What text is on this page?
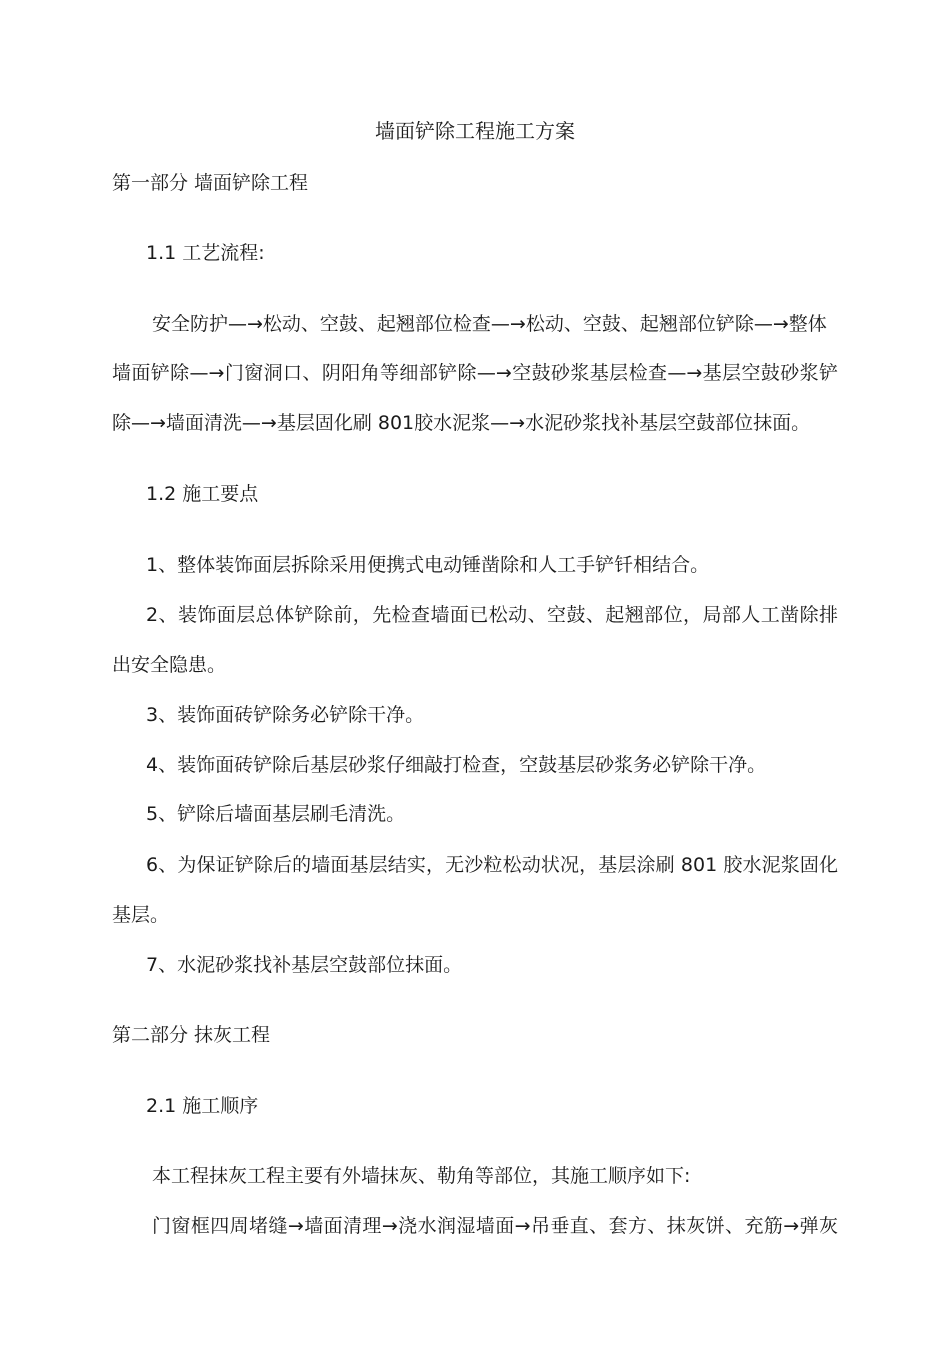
墙面铲除工程施工方案
第一部分 墙面铲除工程
1.1 工艺流程:
安全防护—→松动、空鼓、起翘部位检查—→松动、空鼓、起翘部位铲除—→整体
墙面铲除—→门窗洞口、阴阳角等细部铲除—→空鼓砂浆基层检查—→基层空鼓砂浆铲
除—→墙面清洗—→基层固化刷 801胶水泥浆—→水泥砂浆找补基层空鼓部位抹面。
1.2 施工要点
1、整体装饰面层拆除采用便携式电动锤凿除和人工手铲钎相结合。
2、装饰面层总体铲除前，先检查墙面已松动、空鼓、起翘部位，局部人工凿除排
出安全隐患。
3、装饰面砖铲除务必铲除干净。
4、装饰面砖铲除后基层砂浆仔细敲打检查，空鼓基层砂浆务必铲除干净。
5、铲除后墙面基层刷毛清洗。
6、为保证铲除后的墙面基层结实，无沙粒松动状况，基层涂刷 801 胶水泥浆固化
基层。
7、水泥砂浆找补基层空鼓部位抹面。
第二部分 抹灰工程
2.1 施工顺序
本工程抹灰工程主要有外墙抹灰、勒角等部位，其施工顺序如下:
门窗框四周堵缝→墙面清理→浇水润湿墙面→吊垂直、套方、抹灰饼、充筋→弹灰
